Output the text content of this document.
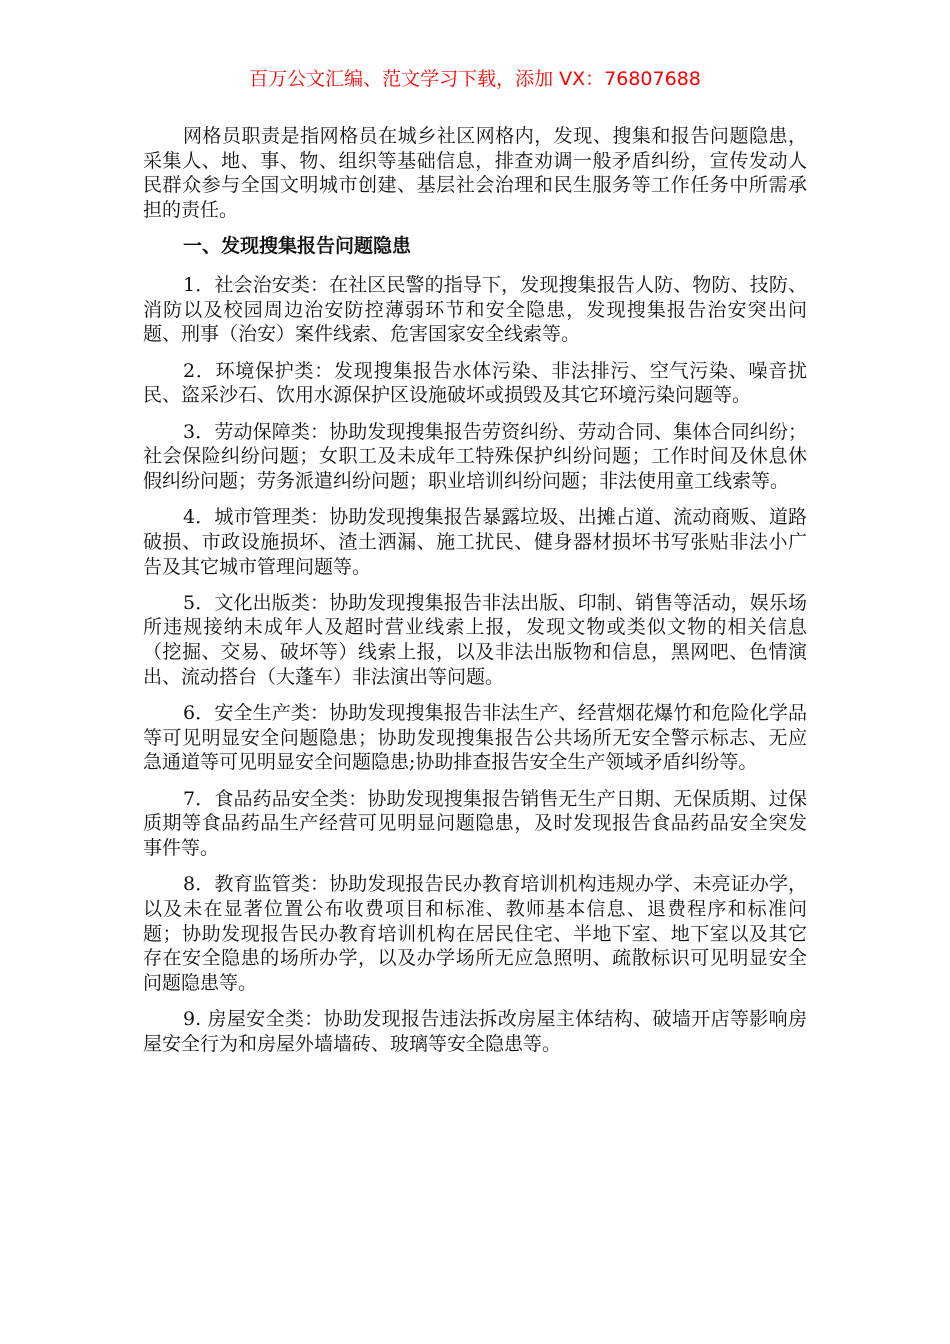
百万公文汇编、范文学习下载，添加 VX：76807688

网格员职责是指网格员在城乡社区网格内，发现、搜集和报告问题隐患，采集人、地、事、物、组织等基础信息，排查劝调一般矛盾纠纷，宣传发动人民群众参与全国文明城市创建、基层社会治理和民生服务等工作任务中所需承担的责任。

一、发现搜集报告问题隐患

1．社会治安类：在社区民警的指导下，发现搜集报告人防、物防、技防、消防以及校园周边治安防控薄弱环节和安全隐患，发现搜集报告治安突出问题、刑事（治安）案件线索、危害国家安全线索等。

2．环境保护类：发现搜集报告水体污染、非法排污、空气污染、噪音扰民、盗采沙石、饮用水源保护区设施破坏或损毁及其它环境污染问题等。

3．劳动保障类：协助发现搜集报告劳资纠纷、劳动合同、集体合同纠纷；社会保险纠纷问题；女职工及未成年工特殊保护纠纷问题；工作时间及休息休假纠纷问题；劳务派遣纠纷问题；职业培训纠纷问题；非法使用童工线索等。

4．城市管理类：协助发现搜集报告暴露垃圾、出摊占道、流动商贩、道路破损、市政设施损坏、渣土洒漏、施工扰民、健身器材损坏书写张贴非法小广告及其它城市管理问题等。

5．文化出版类：协助发现搜集报告非法出版、印制、销售等活动，娱乐场所违规接纳未成年人及超时营业线索上报，发现文物或类似文物的相关信息（挖掘、交易、破坏等）线索上报，以及非法出版物和信息，黑网吧、色情演出、流动搭台（大蓬车）非法演出等问题。

6．安全生产类：协助发现搜集报告非法生产、经营烟花爆竹和危险化学品等可见明显安全问题隐患；协助发现搜集报告公共场所无安全警示标志、无应急通道等可见明显安全问题隐患;协助排查报告安全生产领域矛盾纠纷等。

7．食品药品安全类：协助发现搜集报告销售无生产日期、无保质期、过保质期等食品药品生产经营可见明显问题隐患，及时发现报告食品药品安全突发事件等。

8．教育监管类：协助发现报告民办教育培训机构违规办学、未亮证办学，以及未在显著位置公布收费项目和标准、教师基本信息、退费程序和标准问题；协助发现报告民办教育培训机构在居民住宅、半地下室、地下室以及其它存在安全隐患的场所办学，以及办学场所无应急照明、疏散标识可见明显安全问题隐患等。

9. 房屋安全类：协助发现报告违法拆改房屋主体结构、破墙开店等影响房屋安全行为和房屋外墙墙砖、玻璃等安全隐患等。
